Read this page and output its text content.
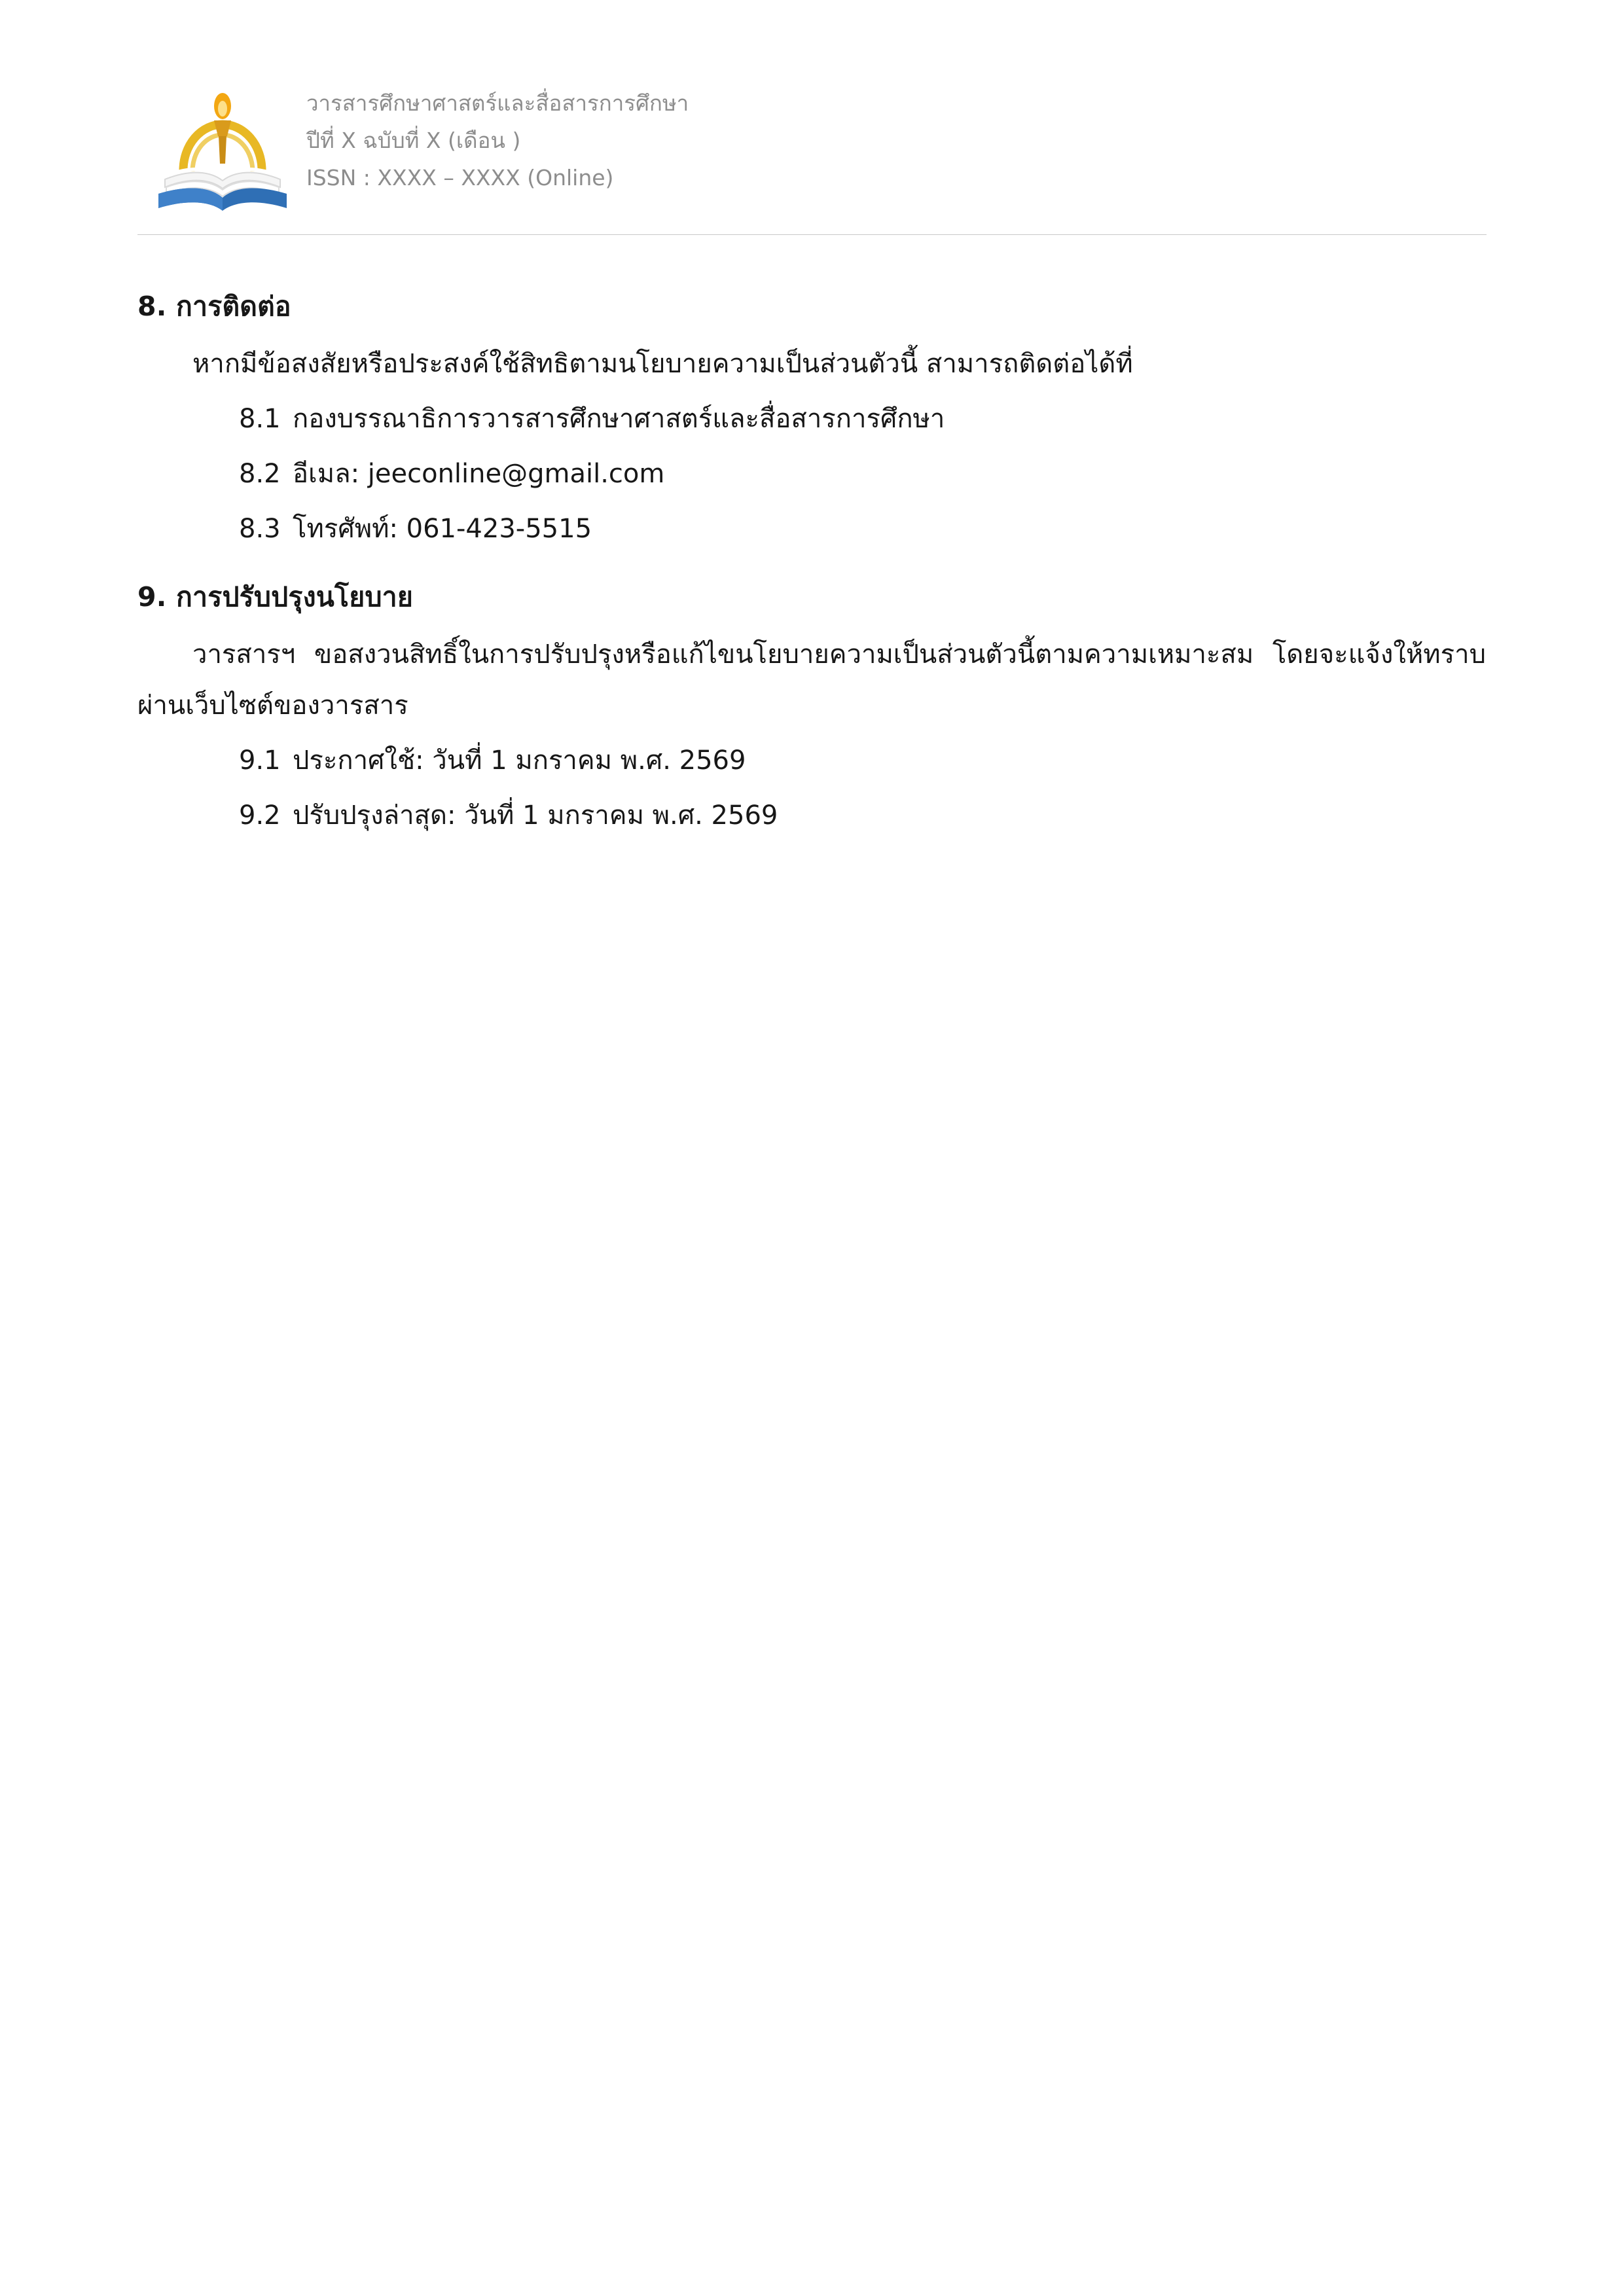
วารสารศึกษาศาสตร์และสื่อสารการศึกษา
ปีที่ X ฉบับที่ X (เดือน )
ISSN : XXXX – XXXX (Online)
8. การติดต่อ

หากมีข้อสงสัยหรือประสงค์ใช้สิทธิตามนโยบายความเป็นส่วนตัวนี้ สามารถติดต่อได้ที่

8.1 กองบรรณาธิการวารสารศึกษาศาสตร์และสื่อสารการศึกษา

8.2 อีเมล: jeeconline@gmail.com

8.3 โทรศัพท์: 061-423-5515

9. การปรับปรุงนโยบาย

วารสารฯ ขอสงวนสิทธิ์ในการปรับปรุงหรือแก้ไขนโยบายความเป็นส่วนตัวนี้ตามความเหมาะสม โดยจะแจ้งให้ทราบผ่านเว็บไซต์ของวารสาร

9.1 ประกาศใช้: วันที่ 1 มกราคม พ.ศ. 2569

9.2 ปรับปรุงล่าสุด: วันที่ 1 มกราคม พ.ศ. 2569
